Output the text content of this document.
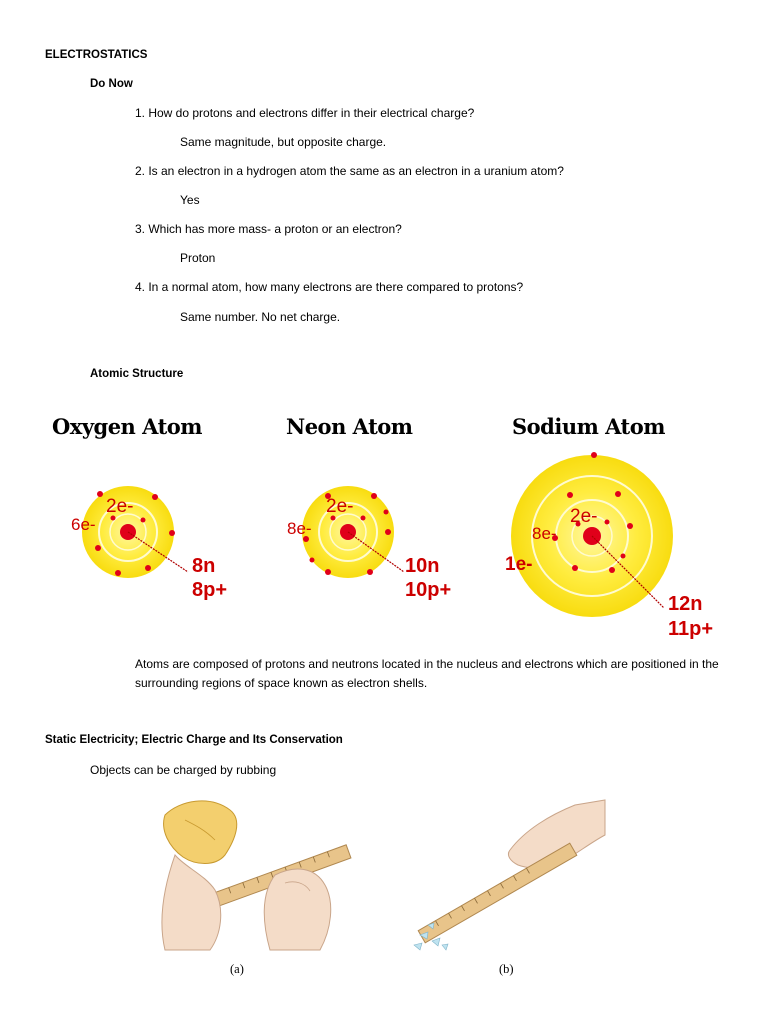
ELECTROSTATICS
Do Now
1. How do protons and electrons differ in their electrical charge?
Same magnitude, but opposite charge.
2. Is an electron in a hydrogen atom the same as an electron in a uranium atom?
Yes
3. Which has more mass- a proton or an electron?
Proton
4. In a normal atom, how many electrons are there compared to protons?
Same number. No net charge.
Atomic Structure
Oxygen Atom	Neon Atom	Sodium Atom
2e-
6e-
8n
8p+
2e-
8e-
10n
10p+
2e-
8e-
1e-
12n
11p+
Atoms are composed of protons and neutrons located in the nucleus and electrons which are positioned in the surrounding regions of space known as electron shells.
Static Electricity; Electric Charge and Its Conservation
Objects can be charged by rubbing
(a)	(b)
